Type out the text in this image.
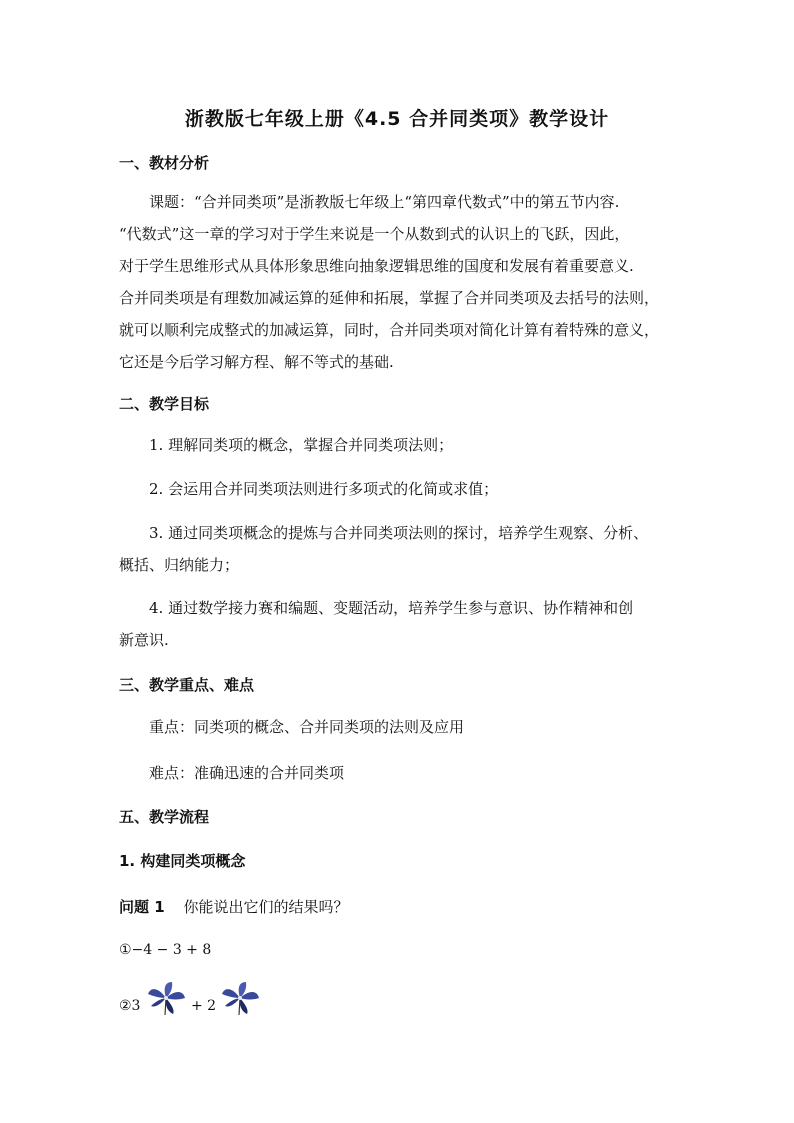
浙教版七年级上册《4.5 合并同类项》教学设计
一、教材分析
课题：“合并同类项”是浙教版七年级上“第四章代数式”中的第五节内容.
“代数式”这一章的学习对于学生来说是一个从数到式的认识上的飞跃，因此，
对于学生思维形式从具体形象思维向抽象逻辑思维的国度和发展有着重要意义.
合并同类项是有理数加减运算的延伸和拓展，掌握了合并同类项及去括号的法则，
就可以顺利完成整式的加减运算，同时，合并同类项对简化计算有着特殊的意义，
它还是今后学习解方程、解不等式的基础.
二、教学目标
1. 理解同类项的概念，掌握合并同类项法则；
2. 会运用合并同类项法则进行多项式的化简或求值；
3. 通过同类项概念的提炼与合并同类项法则的探讨，培养学生观察、分析、
概括、归纳能力；
4. 通过数学接力赛和编题、变题活动，培养学生参与意识、协作精神和创
新意识.
三、教学重点、难点
重点：同类项的概念、合并同类项的法则及应用
难点：准确迅速的合并同类项
五、教学流程
1. 构建同类项概念
问题 1 你能说出它们的结果吗？
①−4 − 3 + 8
②3	+ 2
